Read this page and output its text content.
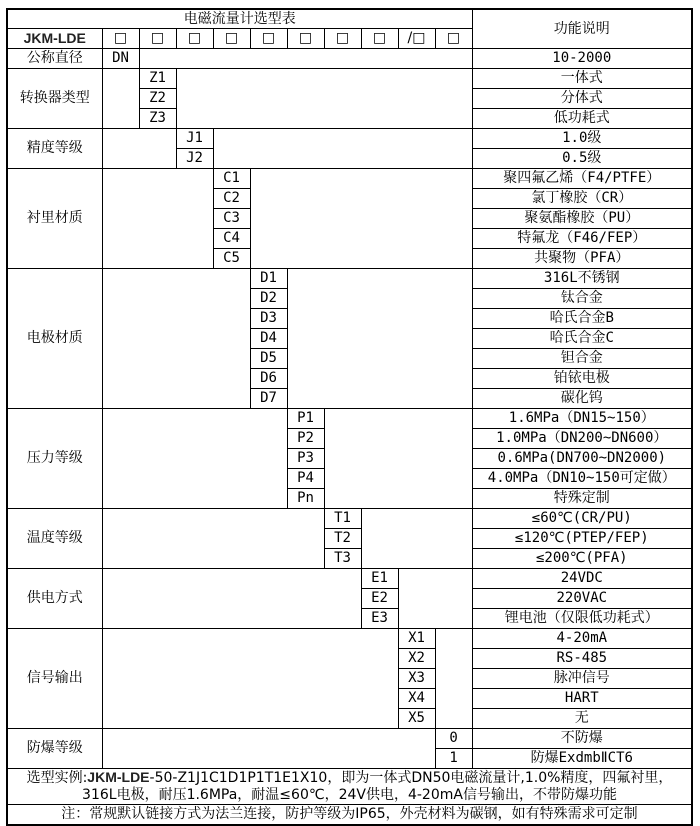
电磁流量计选型表											功能说明
JKM-LDE	□	□	□	□	□	□	□	□	/□	□	
公称直径	DN										10-2000
转换器类型		Z1									一体式
		Z2									分体式
		Z3									低功耗式
精度等级			J1								1.0级
			J2								0.5级
衬里材质				C1							聚四氟乙烯（F4/PTFE）
				C2							氯丁橡胶（CR）
				C3							聚氨酯橡胶（PU）
				C4							特氟龙（F46/FEP）
				C5							共聚物（PFA）
电极材质					D1						316L不锈钢
					D2						钛合金
					D3						哈氏合金B
					D4						哈氏合金C
					D5						钽合金
					D6						铂铱电极
					D7						碳化钨
压力等级						P1					1.6MPa（DN15~150）
						P2					1.0MPa（DN200~DN600）
						P3					0.6MPa(DN700~DN2000)
						P4					4.0MPa（DN10~150可定做）
						Pn					特殊定制
温度等级							T1				≤60℃(CR/PU)
							T2				≤120℃(PTEP/FEP)
							T3				≤200℃(PFA)
供电方式								E1			24VDC
								E2			220VAC
								E3			锂电池（仅限低功耗式）
信号输出									X1		4-20mA
									X2		RS-485
									X3		脉冲信号
									X4		HART
									X5		无
防爆等级										0	不防爆
										1	防爆ExdmbⅡCT6

选型实例:JKM-LDE-50-Z1J1C1D1P1T1E1X10，即为一体式DN50电磁流量计,1.0%精度，四氟衬里，
316L电极，耐压1.6MPa，耐温≤60℃，24V供电，4-20mA信号输出，不带防爆功能											

注：常规默认链接方式为法兰连接，防护等级为IP65，外壳材料为碳钢，如有特殊需求可定制											
